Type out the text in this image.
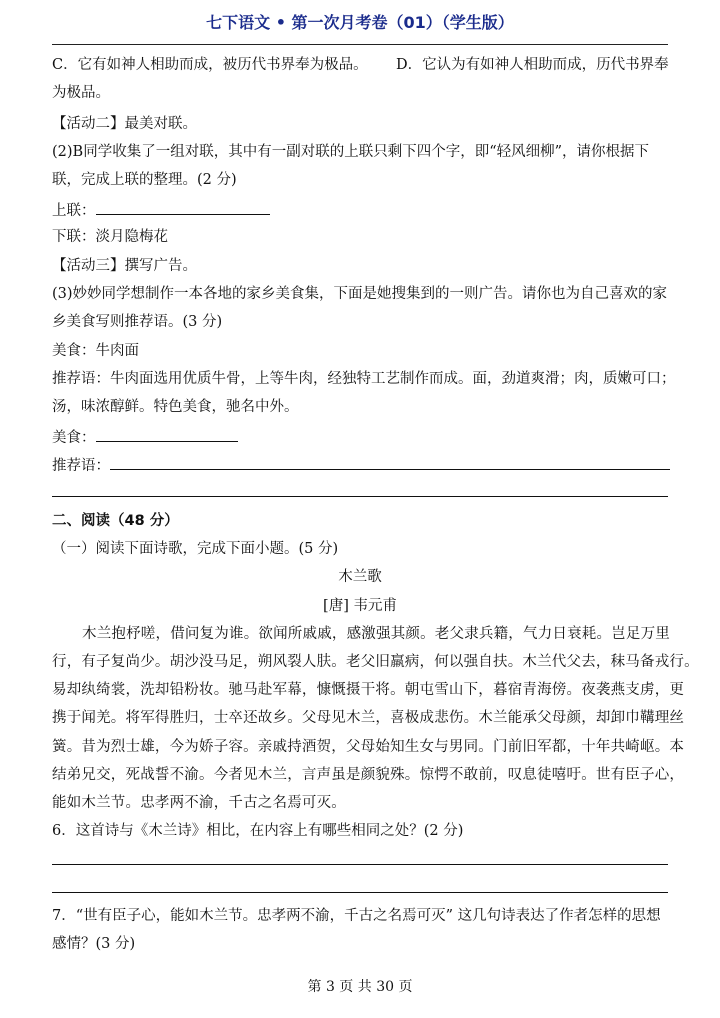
七下语文 • 第一次月考卷（01）（学生版）
C．它有如神人相助而成，被历代书界奉为极品。 D．它认为有如神人相助而成，历代书界奉
为极品。
【活动二】最美对联。
(2)B同学收集了一组对联，其中有一副对联的上联只剩下四个字，即“轻风细柳”，请你根据下
联，完成上联的整理。(2 分)
上联：
下联：淡月隐梅花
【活动三】撰写广告。
(3)妙妙同学想制作一本各地的家乡美食集，下面是她搜集到的一则广告。请你也为自己喜欢的家
乡美食写则推荐语。(3 分)
美食：牛肉面
推荐语：牛肉面选用优质牛骨，上等牛肉，经独特工艺制作而成。面，劲道爽滑；肉，质嫩可口；
汤，味浓醇鲜。特色美食，驰名中外。
美食：
推荐语：
二、阅读（48 分）
（一）阅读下面诗歌，完成下面小题。(5 分)
木兰歌
[唐] 韦元甫
木兰抱杼嗟，借问复为谁。欲闻所戚戚，感激强其颜。老父隶兵籍，气力日衰耗。岂足万里
行，有子复尚少。胡沙没马足，朔风裂人肤。老父旧羸病，何以强自扶。木兰代父去，秣马备戎行。
易却纨绮裳，洗却铅粉妆。驰马赴军幕，慷慨摄干将。朝屯雪山下，暮宿青海傍。夜袭燕支虏，更
携于闻羌。将军得胜归，士卒还故乡。父母见木兰，喜极成悲伤。木兰能承父母颜，却卸巾鞲理丝
簧。昔为烈士雄，今为娇子容。亲戚持酒贺，父母始知生女与男同。门前旧军都，十年共崎岖。本
结弟兄交，死战誓不渝。今者见木兰，言声虽是颜貌殊。惊愕不敢前，叹息徒嘻吁。世有臣子心，
能如木兰节。忠孝两不渝，千古之名焉可灭。
6．这首诗与《木兰诗》相比，在内容上有哪些相同之处？(2 分)
7．“世有臣子心，能如木兰节。忠孝两不渝，千古之名焉可灭” 这几句诗表达了作者怎样的思想
感情？(3 分)
第 3 页 共 30 页
